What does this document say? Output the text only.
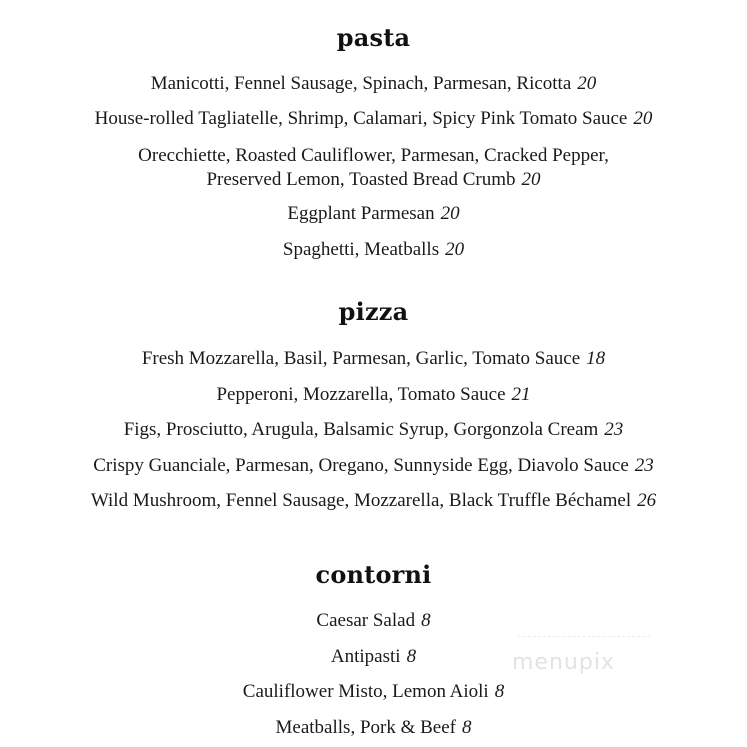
pasta
Manicotti, Fennel Sausage, Spinach, Parmesan, Ricotta 20
House-rolled Tagliatelle, Shrimp, Calamari, Spicy Pink Tomato Sauce 20
Orecchiette, Roasted Cauliflower, Parmesan, Cracked Pepper,
Preserved Lemon, Toasted Bread Crumb 20
Eggplant Parmesan 20
Spaghetti, Meatballs 20
pizza
Fresh Mozzarella, Basil, Parmesan, Garlic, Tomato Sauce 18
Pepperoni, Mozzarella, Tomato Sauce 21
Figs, Prosciutto, Arugula, Balsamic Syrup, Gorgonzola Cream 23
Crispy Guanciale, Parmesan, Oregano, Sunnyside Egg, Diavolo Sauce 23
Wild Mushroom, Fennel Sausage, Mozzarella, Black Truffle Béchamel 26
contorni
Caesar Salad 8
Antipasti 8
Cauliflower Misto, Lemon Aioli 8
Meatballs, Pork & Beef 8
menupix
